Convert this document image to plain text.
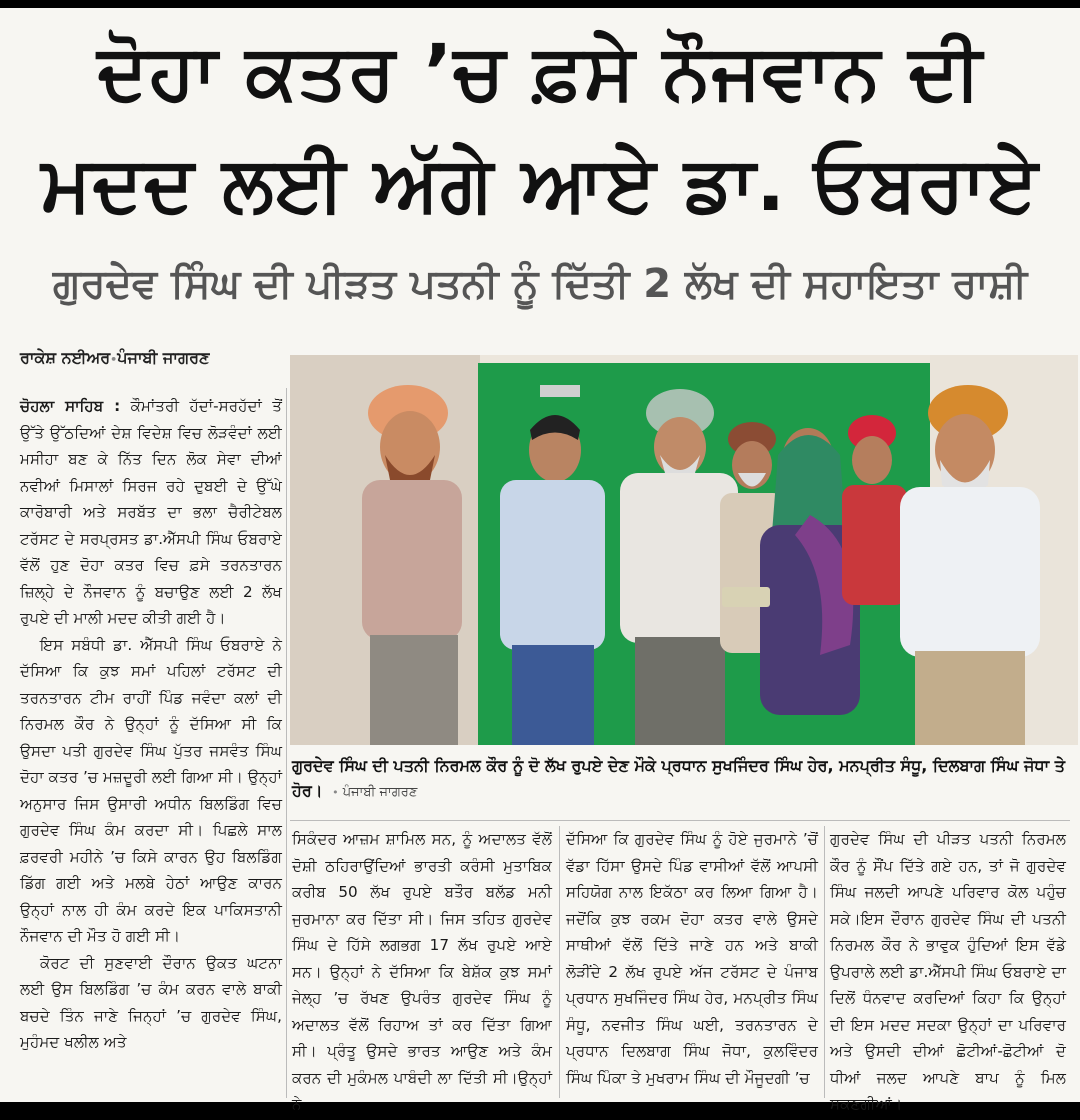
ਦੋਹਾ ਕਤਰ ’ਚ ਫ਼ਸੇ ਨੌਜਵਾਨ ਦੀ
ਮਦਦ ਲਈ ਅੱਗੇ ਆਏ ਡਾ. ਓਬਰਾਏ
ਗੁਰਦੇਵ ਸਿੰਘ ਦੀ ਪੀੜਤ ਪਤਨੀ ਨੂੰ ਦਿੱਤੀ 2 ਲੱਖ ਦੀ ਸਹਾਇਤਾ ਰਾਸ਼ੀ
ਰਾਕੇਸ਼ ਨਈਅਰ•ਪੰਜਾਬੀ ਜਾਗਰਣ

ਚੋਹਲਾ ਸਾਹਿਬ : ਕੌਮਾਂਤਰੀ ਹੱਦਾਂ-ਸਰਹੱਦਾਂ ਤੋਂ ਉੱਤੇ ਉੱਠਦਿਆਂ ਦੇਸ਼ ਵਿਦੇਸ਼ ਵਿਚ ਲੋੜਵੰਦਾਂ ਲਈ ਮਸੀਹਾ ਬਣ ਕੇ ਨਿੱਤ ਦਿਨ ਲੋਕ ਸੇਵਾ ਦੀਆਂ ਨਵੀਆਂ ਮਿਸਾਲਾਂ ਸਿਰਜ ਰਹੇ ਦੁਬਈ ਦੇ ਉੱਘੇ ਕਾਰੋਬਾਰੀ ਅਤੇ ਸਰਬੱਤ ਦਾ ਭਲਾ ਚੈਰੀਟੇਬਲ ਟਰੱਸਟ ਦੇ ਸਰਪ੍ਰਸਤ ਡਾ.ਐੱਸਪੀ ਸਿੰਘ ਓਬਰਾਏ ਵੱਲੋਂ ਹੁਣ ਦੋਹਾ ਕਤਰ ਵਿਚ ਫ਼ਸੇ ਤਰਨਤਾਰਨ ਜ਼ਿਲ੍ਹੇ ਦੇ ਨੌਜਵਾਨ ਨੂੰ ਬਚਾਉਣ ਲਈ 2 ਲੱਖ ਰੁਪਏ ਦੀ ਮਾਲੀ ਮਦਦ ਕੀਤੀ ਗਈ ਹੈ।

ਇਸ ਸਬੰਧੀ ਡਾ. ਐੱਸਪੀ ਸਿੰਘ ਓਬਰਾਏ ਨੇ ਦੱਸਿਆ ਕਿ ਕੁਝ ਸਮਾਂ ਪਹਿਲਾਂ ਟਰੱਸਟ ਦੀ ਤਰਨਤਾਰਨ ਟੀਮ ਰਾਹੀਂ ਪਿੰਡ ਜਵੰਦਾ ਕਲਾਂ ਦੀ ਨਿਰਮਲ ਕੌਰ ਨੇ ਉਨ੍ਹਾਂ ਨੂੰ ਦੱਸਿਆ ਸੀ ਕਿ ਉਸਦਾ ਪਤੀ ਗੁਰਦੇਵ ਸਿੰਘ ਪੁੱਤਰ ਜਸਵੰਤ ਸਿੰਘ ਦੋਹਾ ਕਤਰ ’ਚ ਮਜ਼ਦੂਰੀ ਲਈ ਗਿਆ ਸੀ। ਉਨ੍ਹਾਂ ਅਨੁਸਾਰ ਜਿਸ ਉਸਾਰੀ ਅਧੀਨ ਬਿਲਡਿੰਗ ਵਿਚ ਗੁਰਦੇਵ ਸਿੰਘ ਕੰਮ ਕਰਦਾ ਸੀ। ਪਿਛਲੇ ਸਾਲ ਫ਼ਰਵਰੀ ਮਹੀਨੇ ’ਚ ਕਿਸੇ ਕਾਰਨ ਉਹ ਬਿਲਡਿੰਗ ਡਿੱਗ ਗਈ ਅਤੇ ਮਲਬੇ ਹੇਠਾਂ ਆਉਣ ਕਾਰਨ ਉਨ੍ਹਾਂ ਨਾਲ ਹੀ ਕੰਮ ਕਰਦੇ ਇਕ ਪਾਕਿਸਤਾਨੀ ਨੌਜਵਾਨ ਦੀ ਮੌਤ ਹੋ ਗਈ ਸੀ।

ਕੋਰਟ ਦੀ ਸੁਣਵਾਈ ਦੌਰਾਨ ਉਕਤ ਘਟਨਾ ਲਈ ਉਸ ਬਿਲਡਿੰਗ ’ਚ ਕੰਮ ਕਰਨ ਵਾਲੇ ਬਾਕੀ ਬਚਦੇ ਤਿੰਨ ਜਾਣੇ ਜਿਨ੍ਹਾਂ ’ਚ ਗੁਰਦੇਵ ਸਿੰਘ, ਮੁਹੰਮਦ ਖਲੀਲ ਅਤੇ

ਗੁਰਦੇਵ ਸਿੰਘ ਦੀ ਪਤਨੀ ਨਿਰਮਲ ਕੌਰ ਨੂੰ ਦੋ ਲੱਖ ਰੁਪਏ ਦੇਣ ਮੌਕੇ ਪ੍ਰਧਾਨ ਸੁਖਜਿੰਦਰ ਸਿੰਘ ਹੇਰ, ਮਨਪ੍ਰੀਤ ਸੰਧੂ, ਦਿਲਬਾਗ ਸਿੰਘ ਜੋਧਾ ਤੇ ਹੋਰ। • ਪੰਜਾਬੀ ਜਾਗਰਣ

ਸਿਕੰਦਰ ਆਜ਼ਮ ਸ਼ਾਮਿਲ ਸਨ, ਨੂੰ ਅਦਾਲਤ ਵੱਲੋਂ ਦੋਸ਼ੀ ਠਹਿਰਾਉਂਦਿਆਂ ਭਾਰਤੀ ਕਰੰਸੀ ਮੁਤਾਬਿਕ ਕਰੀਬ 50 ਲੱਖ ਰੁਪਏ ਬਤੌਰ ਬਲੱਡ ਮਨੀ ਜੁਰਮਾਨਾ ਕਰ ਦਿੱਤਾ ਸੀ। ਜਿਸ ਤਹਿਤ ਗੁਰਦੇਵ ਸਿੰਘ ਦੇ ਹਿੱਸੇ ਲਗਭਗ 17 ਲੱਖ ਰੁਪਏ ਆਏ ਸਨ। ਉਨ੍ਹਾਂ ਨੇ ਦੱਸਿਆ ਕਿ ਬੇਸ਼ੱਕ ਕੁਝ ਸਮਾਂ ਜੇਲ੍ਹ ’ਚ ਰੱਖਣ ਉਪਰੰਤ ਗੁਰਦੇਵ ਸਿੰਘ ਨੂੰ ਅਦਾਲਤ ਵੱਲੋਂ ਰਿਹਾਅ ਤਾਂ ਕਰ ਦਿੱਤਾ ਗਿਆ ਸੀ। ਪ੍ਰੰਤੂ ਉਸਦੇ ਭਾਰਤ ਆਉਣ ਅਤੇ ਕੰਮ ਕਰਨ ਦੀ ਮੁਕੰਮਲ ਪਾਬੰਦੀ ਲਾ ਦਿੱਤੀ ਸੀ।ਉਨ੍ਹਾਂ ਨੇ

ਦੱਸਿਆ ਕਿ ਗੁਰਦੇਵ ਸਿੰਘ ਨੂੰ ਹੋਏ ਜੁਰਮਾਨੇ ’ਚੋਂ ਵੱਡਾ ਹਿੱਸਾ ਉਸਦੇ ਪਿੰਡ ਵਾਸੀਆਂ ਵੱਲੋਂ ਆਪਸੀ ਸਹਿਯੋਗ ਨਾਲ ਇਕੱਠਾ ਕਰ ਲਿਆ ਗਿਆ ਹੈ। ਜਦੋਂਕਿ ਕੁਝ ਰਕਮ ਦੋਹਾ ਕਤਰ ਵਾਲੇ ਉਸਦੇ ਸਾਥੀਆਂ ਵੱਲੋਂ ਦਿੱਤੇ ਜਾਣੇ ਹਨ ਅਤੇ ਬਾਕੀ ਲੋੜੀਂਦੇ 2 ਲੱਖ ਰੁਪਏ ਅੱਜ ਟਰੱਸਟ ਦੇ ਪੰਜਾਬ ਪ੍ਰਧਾਨ ਸੁਖਜਿੰਦਰ ਸਿੰਘ ਹੇਰ, ਮਨਪ੍ਰੀਤ ਸਿੰਘ ਸੰਧੂ, ਨਵਜੀਤ ਸਿੰਘ ਘਈ, ਤਰਨਤਾਰਨ ਦੇ ਪ੍ਰਧਾਨ ਦਿਲਬਾਗ ਸਿੰਘ ਜੋਧਾ, ਕੁਲਵਿੰਦਰ ਸਿੰਘ ਪਿੰਕਾ ਤੇ ਮੁਖਰਾਮ ਸਿੰਘ ਦੀ ਮੌਜੂਦਗੀ ’ਚ

ਗੁਰਦੇਵ ਸਿੰਘ ਦੀ ਪੀੜਤ ਪਤਨੀ ਨਿਰਮਲ ਕੌਰ ਨੂੰ ਸੌਂਪ ਦਿੱਤੇ ਗਏ ਹਨ, ਤਾਂ ਜੋ ਗੁਰਦੇਵ ਸਿੰਘ ਜਲਦੀ ਆਪਣੇ ਪਰਿਵਾਰ ਕੋਲ ਪਹੁੰਚ ਸਕੇ।ਇਸ ਦੌਰਾਨ ਗੁਰਦੇਵ ਸਿੰਘ ਦੀ ਪਤਨੀ ਨਿਰਮਲ ਕੌਰ ਨੇ ਭਾਵੁਕ ਹੁੰਦਿਆਂ ਇਸ ਵੱਡੇ ਉਪਰਾਲੇ ਲਈ ਡਾ.ਐੱਸਪੀ ਸਿੰਘ ਓਬਰਾਏ ਦਾ ਦਿਲੋਂ ਧੰਨਵਾਦ ਕਰਦਿਆਂ ਕਿਹਾ ਕਿ ਉਨ੍ਹਾਂ ਦੀ ਇਸ ਮਦਦ ਸਦਕਾ ਉਨ੍ਹਾਂ ਦਾ ਪਰਿਵਾਰ ਅਤੇ ਉਸਦੀ ਦੀਆਂ ਛੋਟੀਆਂ-ਛੋਟੀਆਂ ਦੋ ਧੀਆਂ ਜਲਦ ਆਪਣੇ ਬਾਪ ਨੂੰ ਮਿਲ ਸਕਣਗੀਆਂ।
